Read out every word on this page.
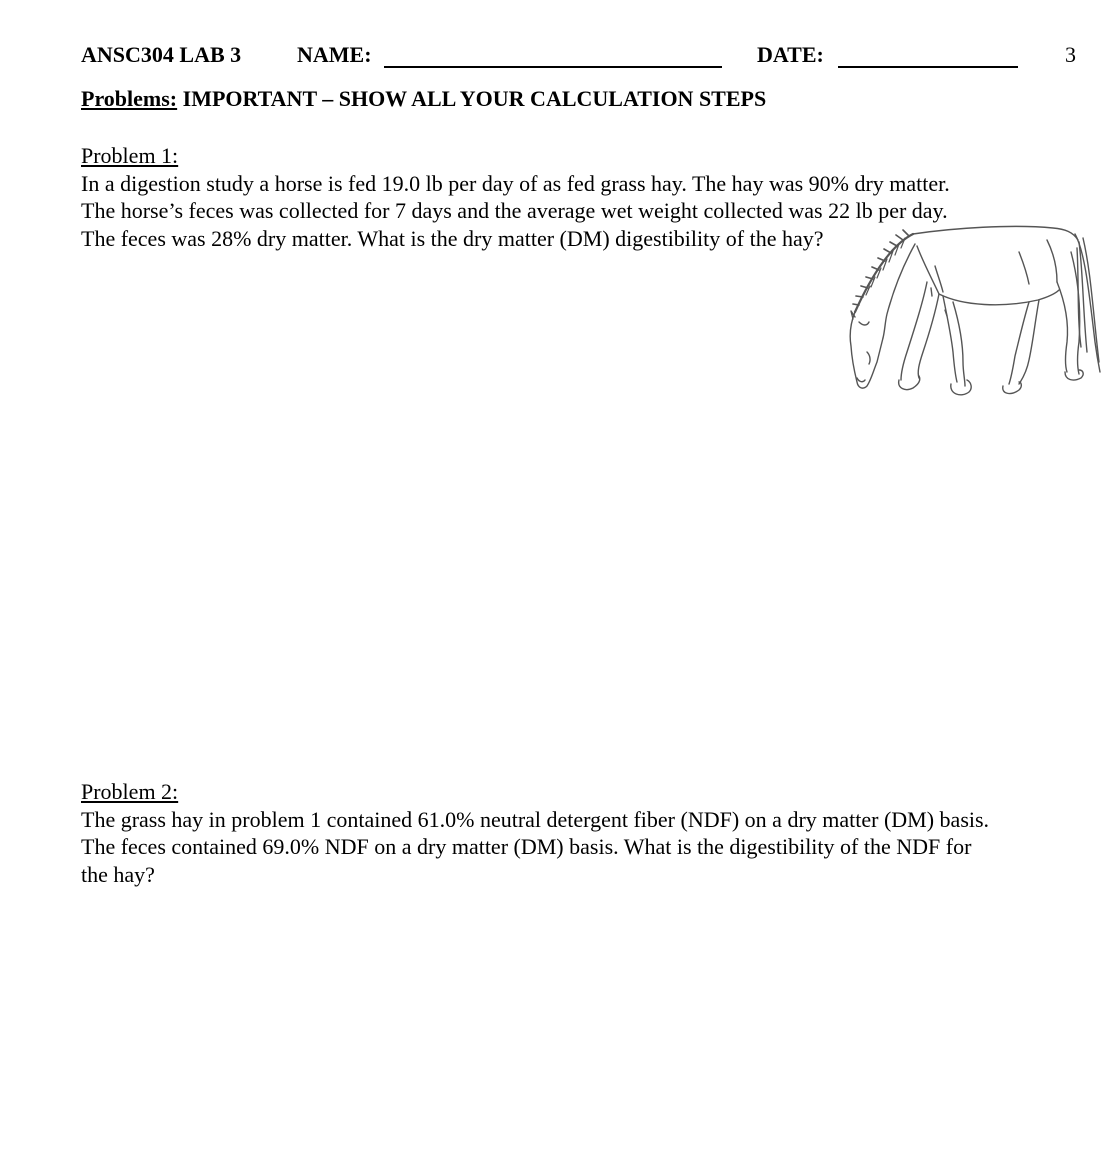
ANSC304 LAB 3	NAME:	DATE:	3
Problems: IMPORTANT – SHOW ALL YOUR CALCULATION STEPS
Problem 1:
In a digestion study a horse is fed 19.0 lb per day of as fed grass hay. The hay was 90% dry matter.
The horse’s feces was collected for 7 days and the average wet weight collected was 22 lb per day.
The feces was 28% dry matter. What is the dry matter (DM) digestibility of the hay?
Problem 2:
The grass hay in problem 1 contained 61.0% neutral detergent fiber (NDF) on a dry matter (DM) basis.
The feces contained 69.0% NDF on a dry matter (DM) basis. What is the digestibility of the NDF for
the hay?
